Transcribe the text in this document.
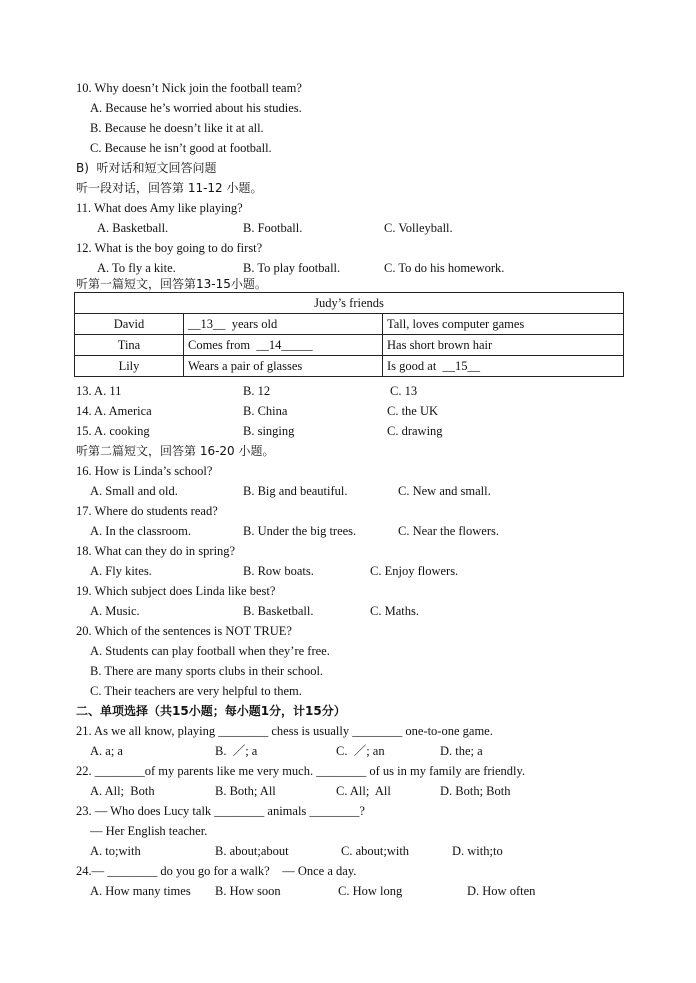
10. Why doesn’t Nick join the football team?
A. Because he’s worried about his studies.
B. Because he doesn’t like it at all.
C. Because he isn’t good at football.
B)  听对话和短文回答问题
听一段对话，回答第 11-12 小题。
11. What does Amy like playing?
A. Basketball.	B. Football.	C. Volleyball.
12. What is the boy going to do first?
A. To fly a kite.	B. To play football.	C. To do his homework.
听第一篇短文，回答第13-15小题。
Judy’s friends		
David	__13__  years old	Tall, loves computer games
Tina	Comes from  __14_____	Has short brown hair
Lily	Wears a pair of glasses	Is good at  __15__
13. A. 11	B. 12	C. 13
14. A. America	B. China	C. the UK
15. A. cooking	B. singing	C. drawing
听第二篇短文，回答第 16-20 小题。
16. How is Linda’s school?
A. Small and old.	B. Big and beautiful.	C. New and small.
17. Where do students read?
A. In the classroom.	B. Under the big trees.	C. Near the flowers.
18. What can they do in spring?
A. Fly kites.	B. Row boats.	C. Enjoy flowers.
19. Which subject does Linda like best?
A. Music.	B. Basketball.	C. Maths.
20. Which of the sentences is NOT TRUE?
A. Students can play football when they’re free.
B. There are many sports clubs in their school.
C. Their teachers are very helpful to them.
二、单项选择（共15小题；每小题1分，计15分）
21. As we all know, playing ________ chess is usually ________ one-to-one game.
A. a; a	B.  ／; a	C.  ／; an	D. the; a
22. ________of my parents like me very much. ________ of us in my family are friendly.
A. All;  Both	B. Both; All	C. All;  All	D. Both; Both
23. — Who does Lucy talk ________ animals ________?
— Her English teacher.
A. to;with	B. about;about	C. about;with	D. with;to
24.— ________ do you go for a walk?    — Once a day.
A. How many times B. How soon	C. How long	D. How often
